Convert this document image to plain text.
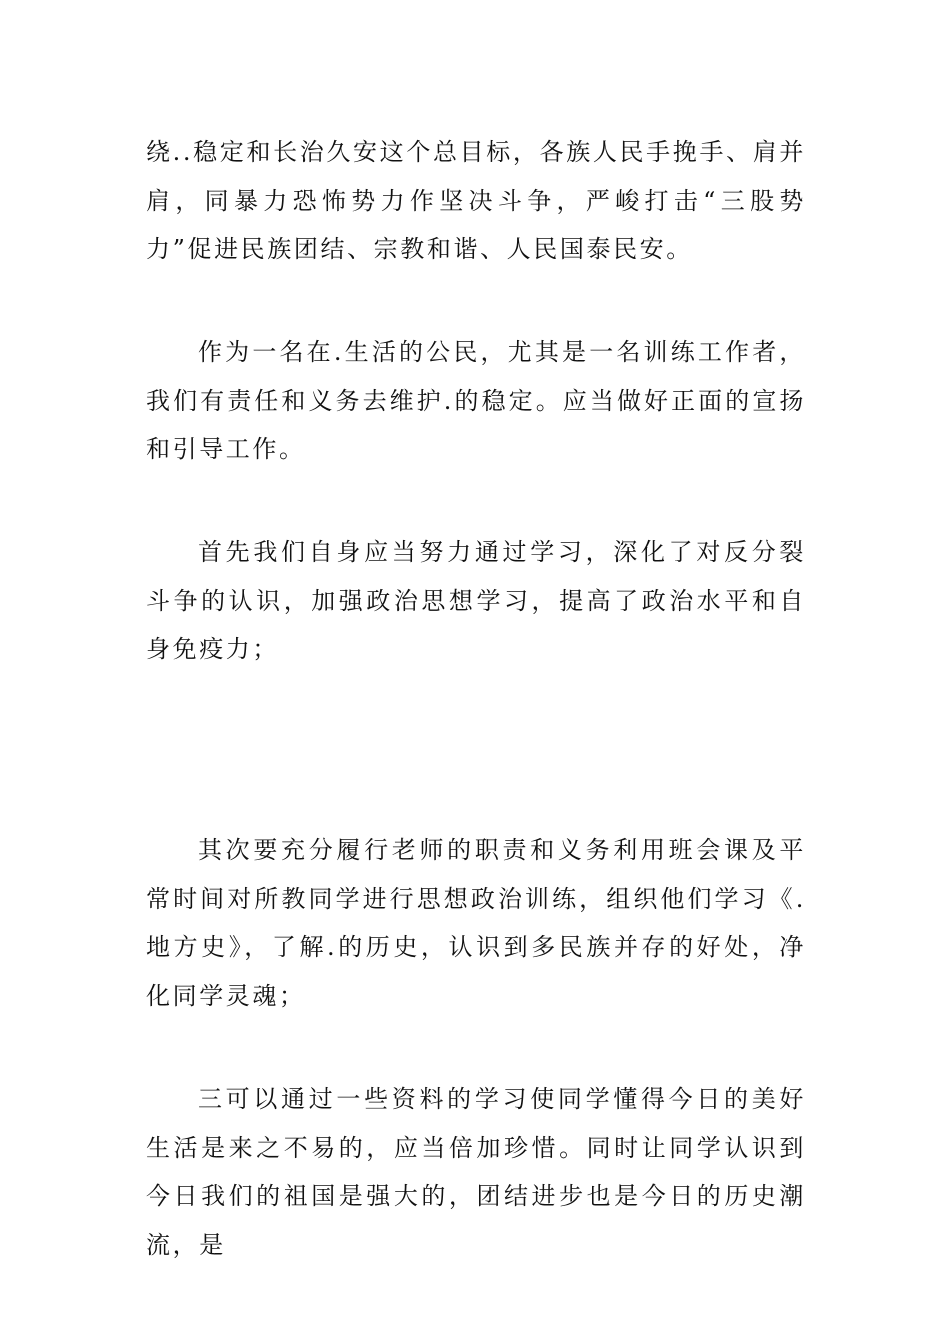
绕..稳定和长治久安这个总目标，各族人民手挽手、肩并肩，同暴力恐怖势力作坚决斗争，严峻打击“三股势力”促进民族团结、宗教和谐、人民国泰民安。

作为一名在.生活的公民，尤其是一名训练工作者，我们有责任和义务去维护.的稳定。应当做好正面的宣扬和引导工作。

首先我们自身应当努力通过学习，深化了对反分裂斗争的认识，加强政治思想学习，提高了政治水平和自身免疫力；

其次要充分履行老师的职责和义务利用班会课及平常时间对所教同学进行思想政治训练，组织他们学习《.地方史》，了解.的历史，认识到多民族并存的好处，净化同学灵魂；

三可以通过一些资料的学习使同学懂得今日的美好生活是来之不易的，应当倍加珍惜。同时让同学认识到今日我们的祖国是强大的，团结进步也是今日的历史潮流，是
